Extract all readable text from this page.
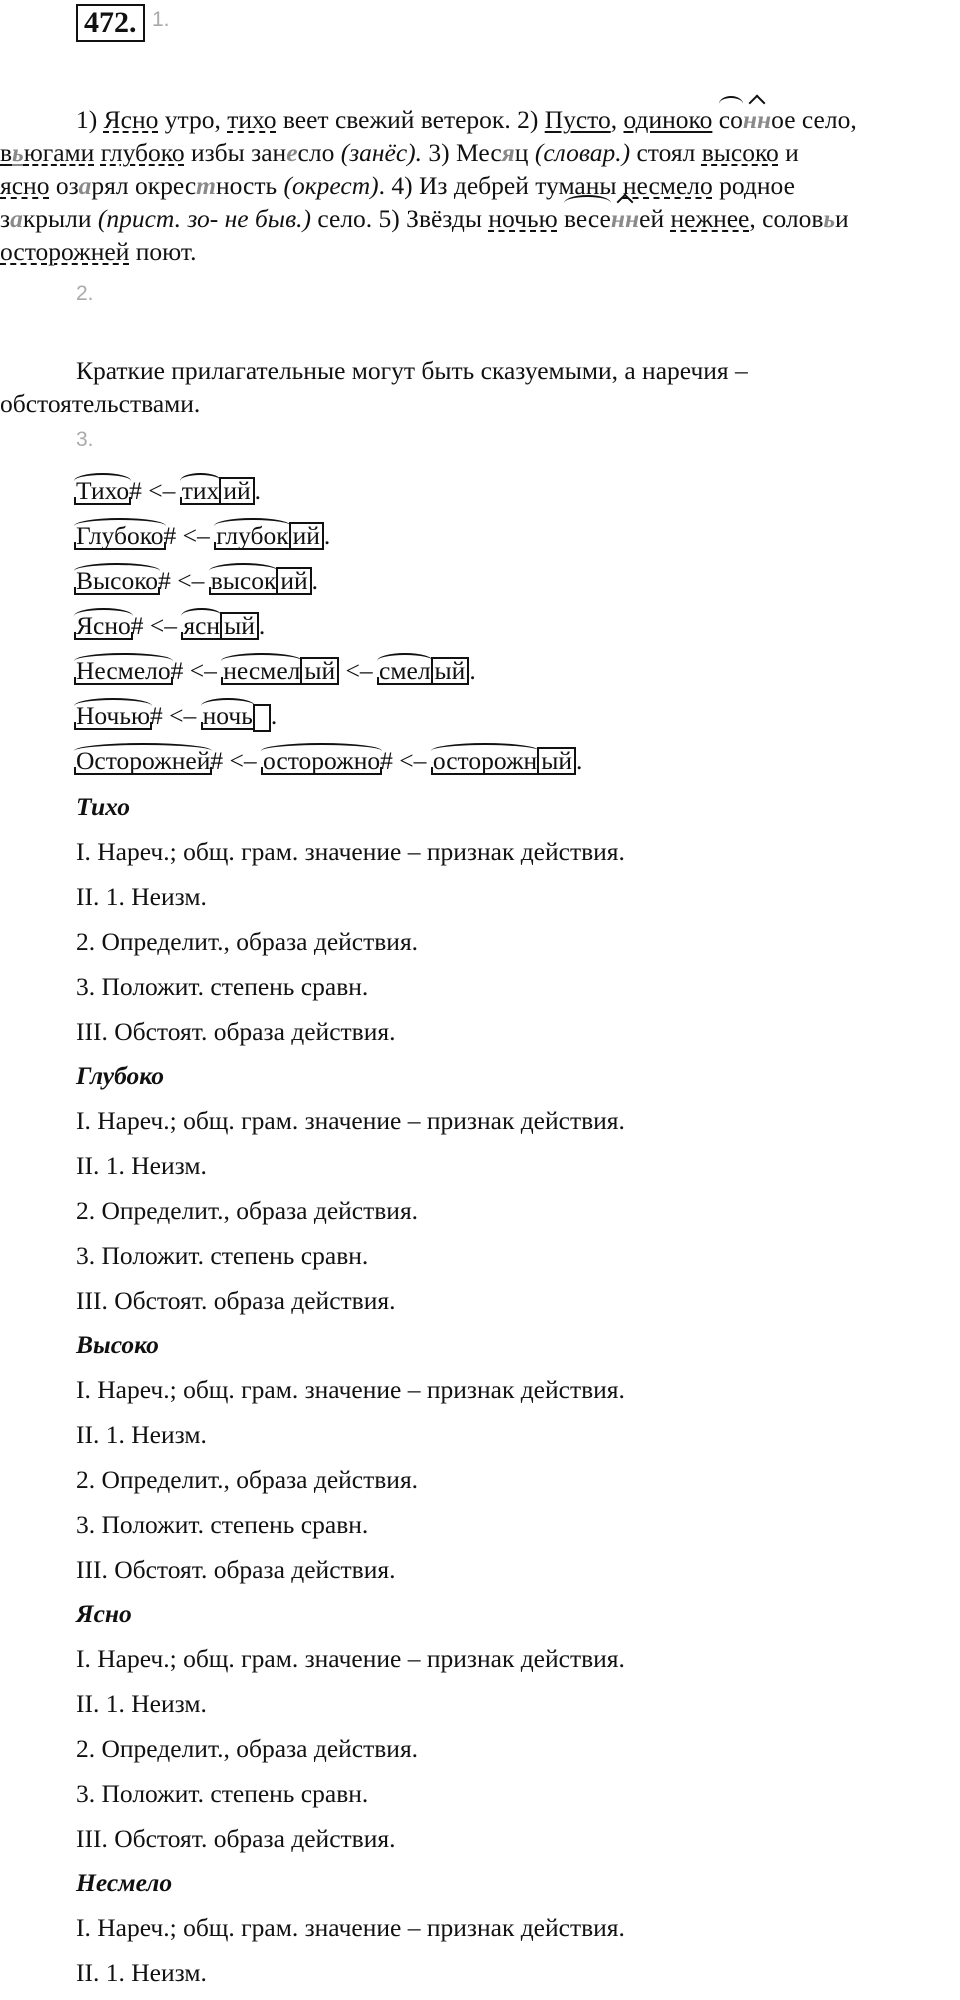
472. 1.
1) Ясно утро, тихо веет свежий ветерок. 2) Пусто, одиноко сонное село,
вьюгами глубоко избы занесло (занёс). 3) Месяц (словар.) стоял высоко и
ясно озарял окрестность (окрест). 4) Из дебрей туманы несмело родное
закрыли (прист. зо- не быв.) село. 5) Звёзды ночью весенней нежнее, соловьи
осторожней поют.
2.
Краткие прилагательные могут быть сказуемыми, а наречия –
обстоятельствами.
3.
Тихо# <– тих ий .
Глубоко# <– глубок ий .
Высоко# <– высок ий .
Ясно# <– ясн ый .
Несмело# <– несмел ый <– смел ый .
Ночью# <– ночь .
Осторожней# <– осторожно# <– осторожн ый .
Тихо
I. Нареч.; общ. грам. значение – признак действия.
II. 1. Неизм.
2. Определит., образа действия.
3. Положит. степень сравн.
III. Обстоят. образа действия.
Глубоко
I. Нареч.; общ. грам. значение – признак действия.
II. 1. Неизм.
2. Определит., образа действия.
3. Положит. степень сравн.
III. Обстоят. образа действия.
Высоко
I. Нареч.; общ. грам. значение – признак действия.
II. 1. Неизм.
2. Определит., образа действия.
3. Положит. степень сравн.
III. Обстоят. образа действия.
Ясно
I. Нареч.; общ. грам. значение – признак действия.
II. 1. Неизм.
2. Определит., образа действия.
3. Положит. степень сравн.
III. Обстоят. образа действия.
Несмело
I. Нареч.; общ. грам. значение – признак действия.
II. 1. Неизм.
